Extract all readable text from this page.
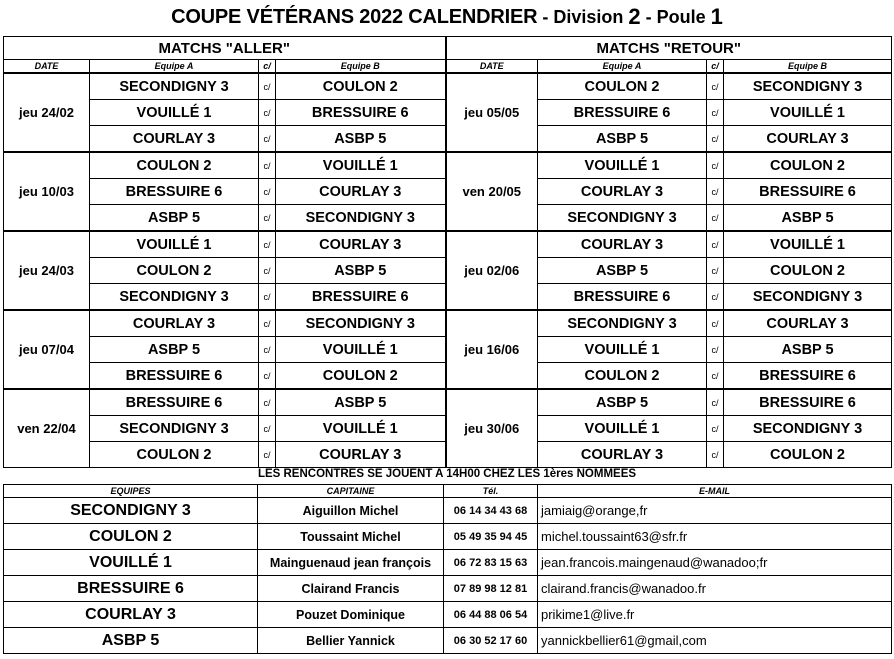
COUPE VÉTÉRANS 2022 CALENDRIER - Division 2 - Poule 1
MATCHS "ALLER"				MATCHS "RETOUR"			
DATE	Equipe A	c/	Equipe B	DATE	Equipe A	c/	Equipe B
jeu 24/02	SECONDIGNY 3	c/	COULON 2	jeu 05/05	COULON 2	c/	SECONDIGNY 3
	VOUILLÉ 1	c/	BRESSUIRE 6		BRESSUIRE 6	c/	VOUILLÉ 1
	COURLAY 3	c/	ASBP 5		ASBP 5	c/	COURLAY 3
jeu 10/03	COULON 2	c/	VOUILLÉ 1	ven 20/05	VOUILLÉ 1	c/	COULON 2
	BRESSUIRE 6	c/	COURLAY 3		COURLAY 3	c/	BRESSUIRE 6
	ASBP 5	c/	SECONDIGNY 3		SECONDIGNY 3	c/	ASBP 5
jeu 24/03	VOUILLÉ 1	c/	COURLAY 3	jeu 02/06	COURLAY 3	c/	VOUILLÉ 1
	COULON 2	c/	ASBP 5		ASBP 5	c/	COULON 2
	SECONDIGNY 3	c/	BRESSUIRE 6		BRESSUIRE 6	c/	SECONDIGNY 3
jeu 07/04	COURLAY 3	c/	SECONDIGNY 3	jeu 16/06	SECONDIGNY 3	c/	COURLAY 3
	ASBP 5	c/	VOUILLÉ 1		VOUILLÉ 1	c/	ASBP 5
	BRESSUIRE 6	c/	COULON 2		COULON 2	c/	BRESSUIRE 6
ven 22/04	BRESSUIRE 6	c/	ASBP 5	jeu 30/06	ASBP 5	c/	BRESSUIRE 6
	SECONDIGNY 3	c/	VOUILLÉ 1		VOUILLÉ 1	c/	SECONDIGNY 3
	COULON 2	c/	COURLAY 3		COURLAY 3	c/	COULON 2
LES RENCONTRES SE JOUENT A 14H00 CHEZ LES 1ères NOMMEES
EQUIPES	CAPITAINE	Tél.	E-MAIL
SECONDIGNY 3	Aiguillon Michel	06 14 34 43 68	jamiaig@orange,fr
COULON 2	Toussaint Michel	05 49 35 94 45	michel.toussaint63@sfr.fr
VOUILLÉ 1	Mainguenaud jean françois	06 72 83 15 63	jean.francois.maingenaud@wanadoo;fr
BRESSUIRE 6	Clairand Francis	07 89 98 12 81	clairand.francis@wanadoo.fr
COURLAY 3	Pouzet Dominique	06 44 88 06 54	prikime1@live.fr
ASBP 5	Bellier Yannick	06 30 52 17 60	yannickbellier61@gmail,com
